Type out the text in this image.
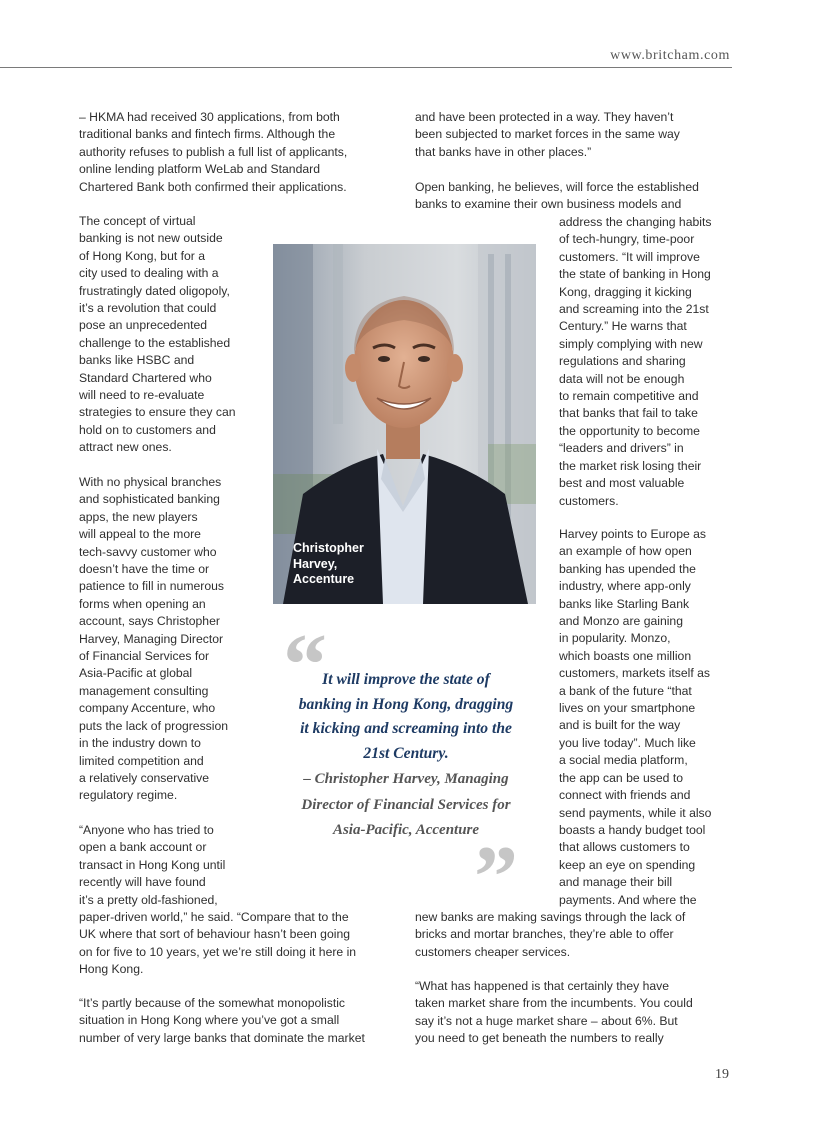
www.britcham.com

– HKMA had received 30 applications, from both

traditional banks and fintech firms. Although the

authority refuses to publish a full list of applicants,

online lending platform WeLab and Standard

Chartered Bank both confirmed their applications.

The concept of virtual

banking is not new outside

of Hong Kong, but for a

city used to dealing with a

frustratingly dated oligopoly,

it’s a revolution that could

pose an unprecedented

challenge to the established

banks like HSBC and

Standard Chartered who

will need to re-evaluate

strategies to ensure they can

hold on to customers and

attract new ones.

With no physical branches

and sophisticated banking

apps, the new players

will appeal to the more

tech-savvy customer who

doesn’t have the time or

patience to fill in numerous

forms when opening an

account, says Christopher

Harvey, Managing Director

of Financial Services for

Asia-Pacific at global

management consulting

company Accenture, who

puts the lack of progression

in the industry down to

limited competition and

a relatively conservative

regulatory regime.

“Anyone who has tried to

open a bank account or

transact in Hong Kong until

recently will have found

it’s a pretty old-fashioned,

paper-driven world,” he said. “Compare that to the

UK where that sort of behaviour hasn’t been going

on for five to 10 years, yet we’re still doing it here in

Hong Kong.

“It’s partly because of the somewhat monopolistic

situation in Hong Kong where you’ve got a small

number of very large banks that dominate the market

and have been protected in a way. They haven’t

been subjected to market forces in the same way

that banks have in other places.”

Open banking, he believes, will force the established

banks to examine their own business models and

address the changing habits

of tech-hungry, time-poor

customers. “It will improve

the state of banking in Hong

Kong, dragging it kicking

and screaming into the 21st

Century.” He warns that

simply complying with new

regulations and sharing

data will not be enough

to remain competitive and

that banks that fail to take

the opportunity to become

“leaders and drivers” in

the market risk losing their

best and most valuable

customers.

Harvey points to Europe as

an example of how open

banking has upended the

industry, where app-only

banks like Starling Bank

and Monzo are gaining

in popularity. Monzo,

which boasts one million

customers, markets itself as

a bank of the future “that

lives on your smartphone

and is built for the way

you live today”. Much like

a social media platform,

the app can be used to

connect with friends and

send payments, while it also

boasts a handy budget tool

that allows customers to

keep an eye on spending

and manage their bill

payments. And where the

new banks are making savings through the lack of

bricks and mortar branches, they’re able to offer

customers cheaper services.

“What has happened is that certainly they have

taken market share from the incumbents. You could

say it’s not a huge market share – about 6%. But

you need to get beneath the numbers to really

Christopher
Harvey,
Accenture
“
It will improve the state of
banking in Hong Kong, dragging
it kicking and screaming into the
21st Century.
– Christopher Harvey, Managing
Director of Financial Services for
Asia-Pacific, Accenture
”
19
